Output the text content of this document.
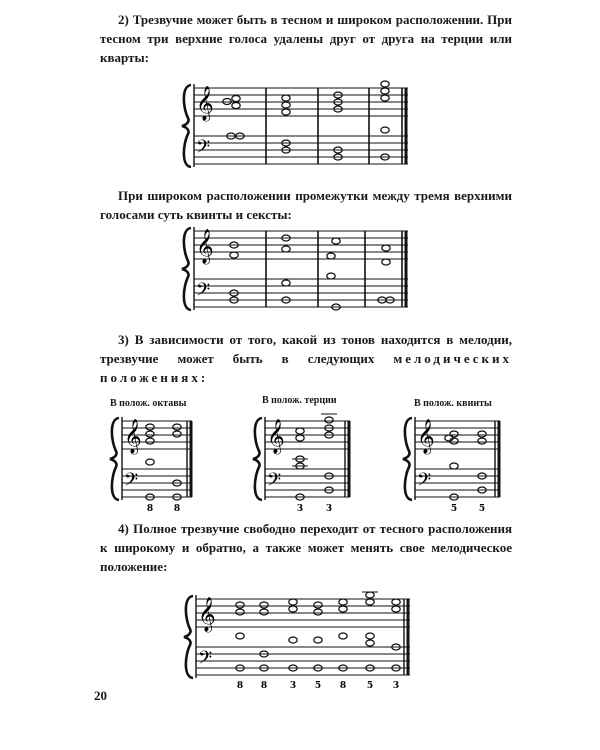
2) Трезвучие может быть в тесном и широком расположении. При тесном три верхние голоса удалены друг от друга на терции или кварты:

𝄞
𝄢
𝄞
𝄢
𝄞
𝄢
8 8
𝄞
𝄢
3	3
𝄞
𝄢
5 5
𝄞
𝄢
8 8	3 5 8 5 3

При широком расположении промежутки между тремя верхними голосами суть квинты и сексты:

3) В зависимости от того, какой из тонов находится в мелодии, трезвучие может быть в следующих мелодических положениях:

В полож. октавы	В полож. терции	В полож. квинты

4) Полное трезвучие свободно переходит от тесного расположения к широкому и обратно, а также может менять свое мелодическое положение:

20
